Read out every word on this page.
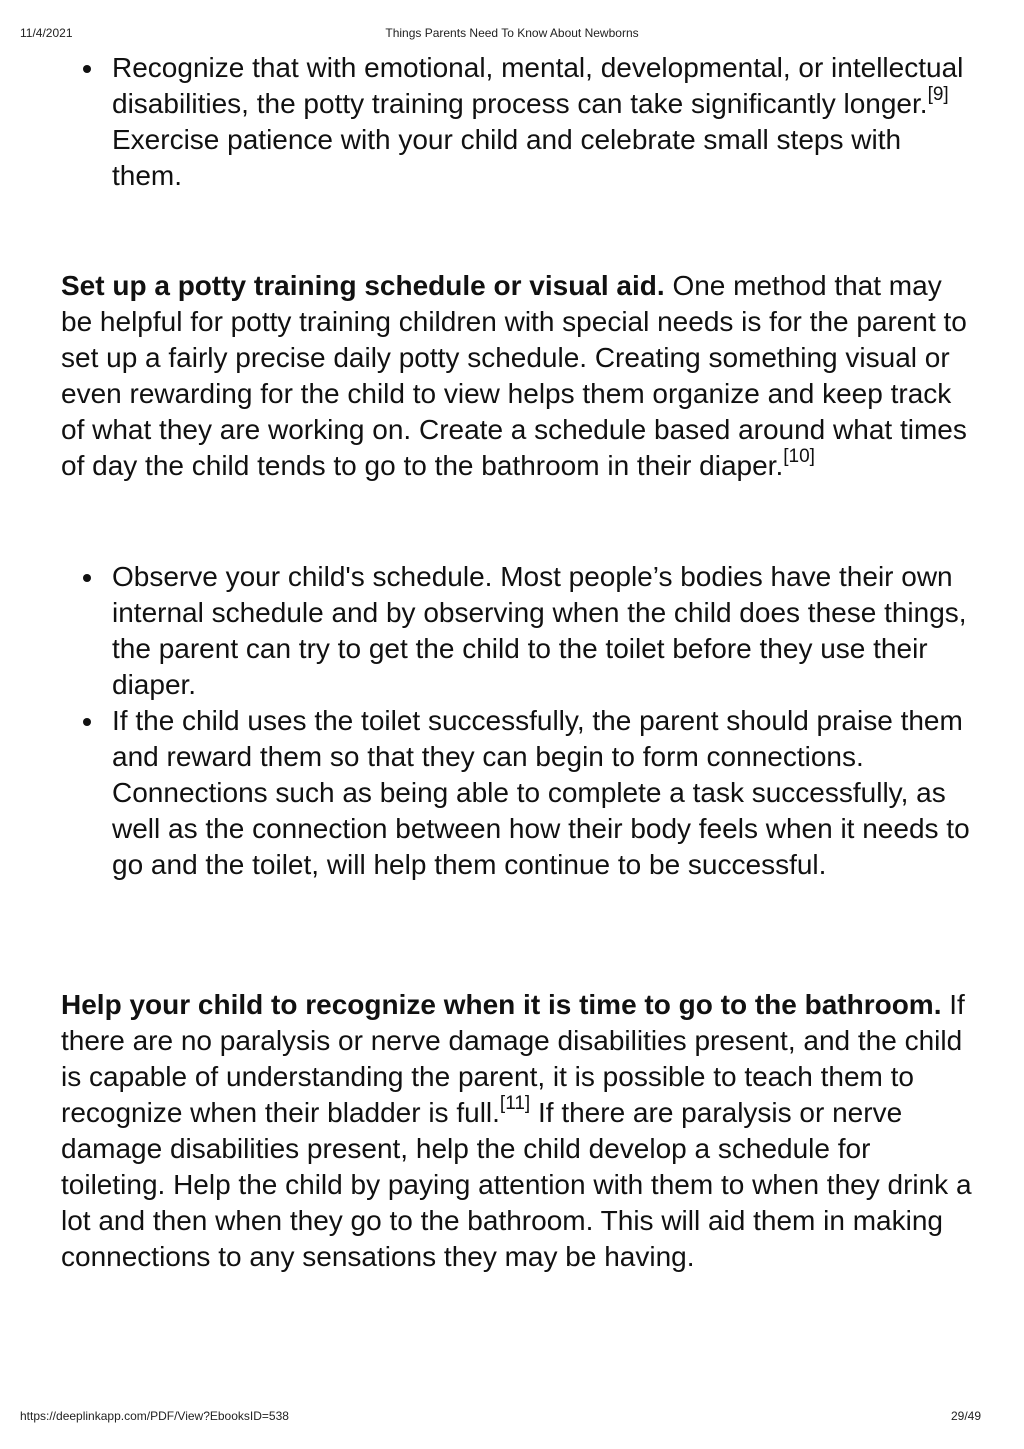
11/4/2021	Things Parents Need To Know About Newborns
Recognize that with emotional, mental, developmental, or intellectual disabilities, the potty training process can take significantly longer.[9] Exercise patience with your child and celebrate small steps with them.

Set up a potty training schedule or visual aid. One method that may be helpful for potty training children with special needs is for the parent to set up a fairly precise daily potty schedule. Creating something visual or even rewarding for the child to view helps them organize and keep track of what they are working on. Create a schedule based around what times of day the child tends to go to the bathroom in their diaper.[10]

Observe your child's schedule. Most people’s bodies have their own internal schedule and by observing when the child does these things, the parent can try to get the child to the toilet before they use their diaper.
If the child uses the toilet successfully, the parent should praise them and reward them so that they can begin to form connections. Connections such as being able to complete a task successfully, as well as the connection between how their body feels when it needs to go and the toilet, will help them continue to be successful.

Help your child to recognize when it is time to go to the bathroom. If there are no paralysis or nerve damage disabilities present, and the child is capable of understanding the parent, it is possible to teach them to recognize when their bladder is full.[11] If there are paralysis or nerve damage disabilities present, help the child develop a schedule for toileting. Help the child by paying attention with them to when they drink a lot and then when they go to the bathroom. This will aid them in making connections to any sensations they may be having.

https://deeplinkapp.com/PDF/View?EbooksID=538	29/49
